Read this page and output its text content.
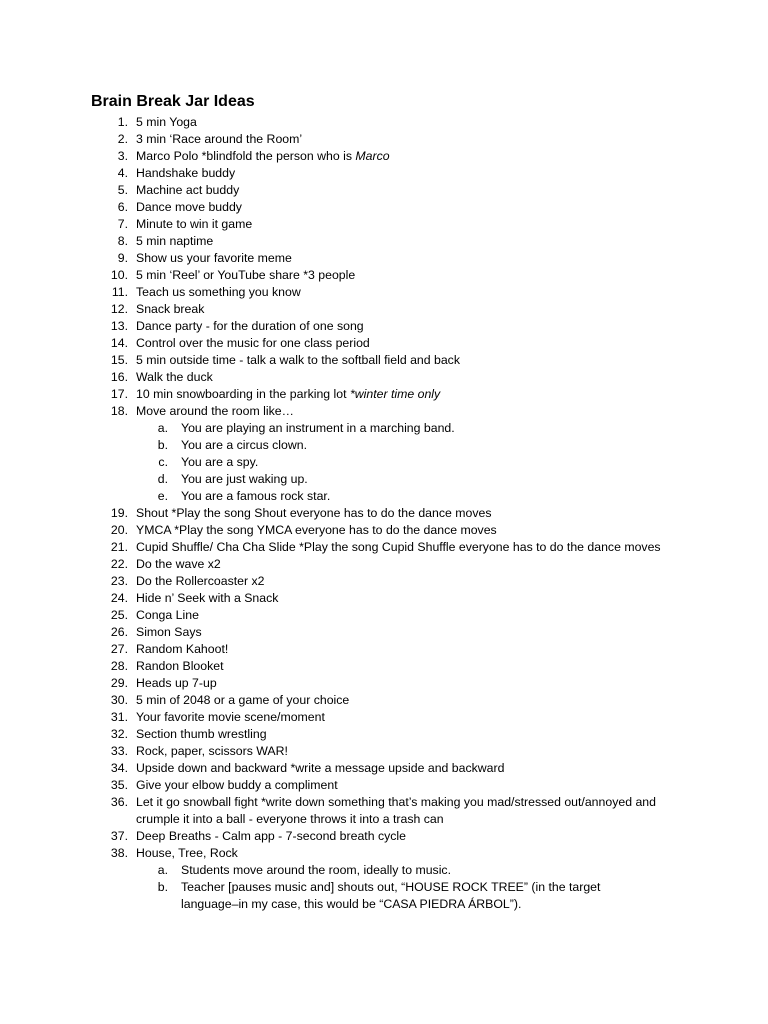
Brain Break Jar Ideas
1. 5 min Yoga
2. 3 min ‘Race around the Room’
3. Marco Polo *blindfold the person who is Marco
4. Handshake buddy
5. Machine act buddy
6. Dance move buddy
7. Minute to win it game
8. 5 min naptime
9. Show us your favorite meme
10. 5 min ‘Reel’ or YouTube share *3 people
11. Teach us something you know
12. Snack break
13. Dance party - for the duration of one song
14. Control over the music for one class period
15. 5 min outside time - talk a walk to the softball field and back
16. Walk the duck
17. 10 min snowboarding in the parking lot *winter time only
18. Move around the room like…
a. You are playing an instrument in a marching band.
b. You are a circus clown.
c. You are a spy.
d. You are just waking up.
e. You are a famous rock star.
19. Shout *Play the song Shout everyone has to do the dance moves
20. YMCA *Play the song YMCA everyone has to do the dance moves
21. Cupid Shuffle/ Cha Cha Slide *Play the song Cupid Shuffle everyone has to do the dance moves
22. Do the wave x2
23. Do the Rollercoaster x2
24. Hide n’ Seek with a Snack
25. Conga Line
26. Simon Says
27. Random Kahoot!
28. Randon Blooket
29. Heads up 7-up
30. 5 min of 2048 or a game of your choice
31. Your favorite movie scene/moment
32. Section thumb wrestling
33. Rock, paper, scissors WAR!
34. Upside down and backward *write a message upside and backward
35. Give your elbow buddy a compliment
36. Let it go snowball fight *write down something that’s making you mad/stressed out/annoyed and crumple it into a ball - everyone throws it into a trash can
37. Deep Breaths - Calm app - 7-second breath cycle
38. House, Tree, Rock
a. Students move around the room, ideally to music.
b. Teacher [pauses music and] shouts out, “HOUSE ROCK TREE” (in the target language–in my case, this would be “CASA PIEDRA ÁRBOL”).
